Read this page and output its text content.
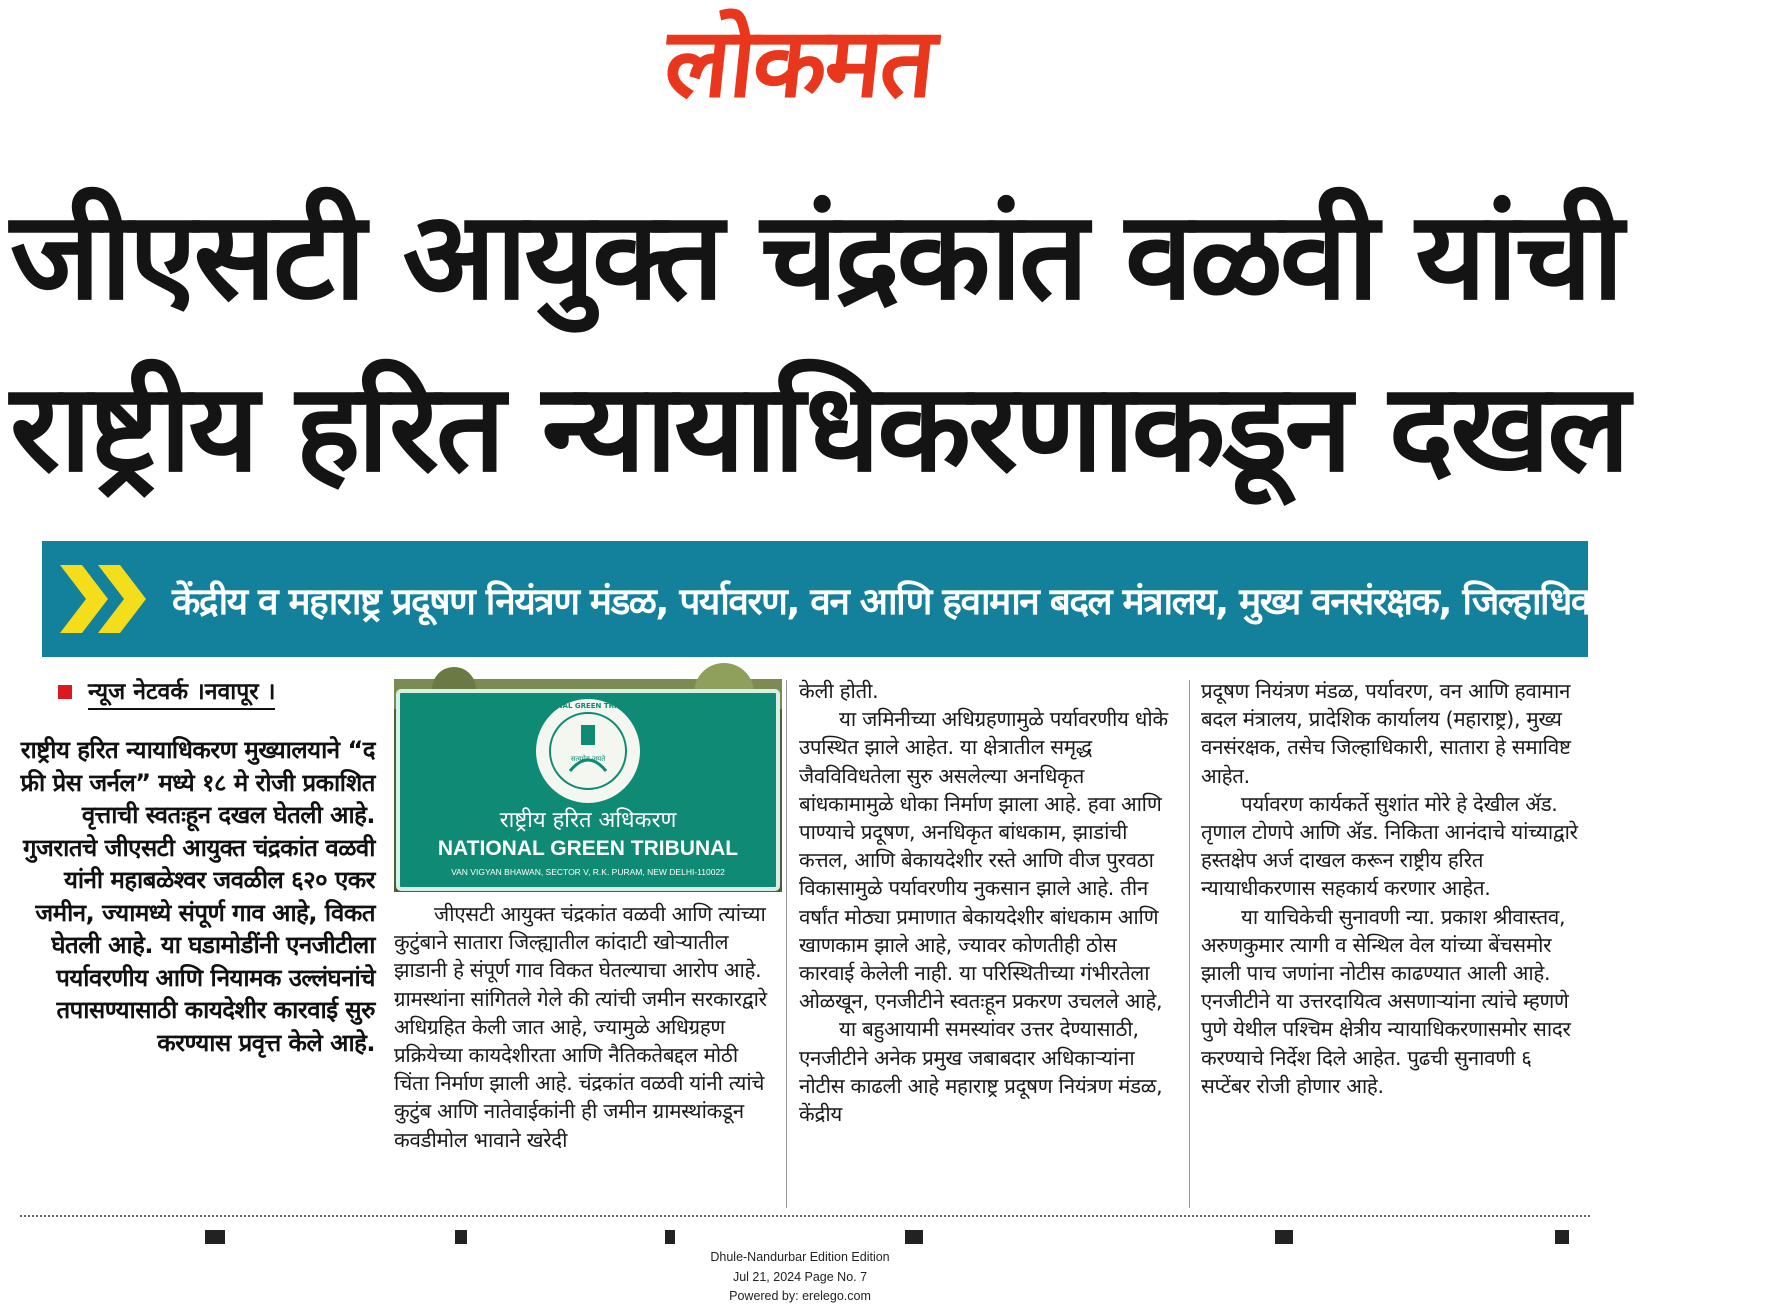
लोकमत
जीएसटी आयुक्त चंद्रकांत वळवी यांची
राष्ट्रीय हरित न्यायाधिकरणाकडून दखल
केंद्रीय व महाराष्ट्र प्रदूषण नियंत्रण मंडळ, पर्यावरण, वन आणि हवामान बदल मंत्रालय, मुख्य वनसंरक्षक, जिल्हाधिकाऱ्यांना नोटीसा
न्यूज नेटवर्क ।नवापूर ।
राष्ट्रीय हरित न्यायाधिकरण मुख्यालयाने “द फ्री प्रेस जर्नल” मध्ये १८ मे रोजी प्रकाशित वृत्ताची स्वतःहून दखल घेतली आहे. गुजरातचे जीएसटी आयुक्त चंद्रकांत वळवी यांनी महाबळेश्वर जवळील ६२० एकर जमीन, ज्यामध्ये संपूर्ण गाव आहे, विकत घेतली आहे. या घडामोडींनी एनजीटीला पर्यावरणीय आणि नियामक उल्लंघनांचे तपासण्यासाठी कायदेशीर कारवाई सुरु करण्यास प्रवृत्त केले आहे.
सत्यमेव जयते
NATIONAL GREEN TRIBUNAL
राष्ट्रीय हरित अधिकरण
NATIONAL GREEN TRIBUNAL
VAN VIGYAN BHAWAN, SECTOR V, R.K. PURAM, NEW DELHI-110022

जीएसटी आयुक्त चंद्रकांत वळवी आणि त्यांच्या कुटुंबाने सातारा जिल्ह्यातील कांदाटी खोऱ्यातील झाडानी हे संपूर्ण गाव विकत घेतल्याचा आरोप आहे. ग्रामस्थांना सांगितले गेले की त्यांची जमीन सरकारद्वारे अधिग्रहित केली जात आहे, ज्यामुळे अधिग्रहण प्रक्रियेच्या कायदेशीरता आणि नैतिकतेबद्दल मोठी चिंता निर्माण झाली आहे. चंद्रकांत वळवी यांनी त्यांचे कुटुंब आणि नातेवाईकांनी ही जमीन ग्रामस्थांकडून कवडीमोल भावाने खरेदी

केली होती.

या जमिनीच्या अधिग्रहणामुळे पर्यावरणीय धोके उपस्थित झाले आहेत. या क्षेत्रातील समृद्ध जैवविविधतेला सुरु असलेल्या अनधिकृत बांधकामामुळे धोका निर्माण झाला आहे. हवा आणि पाण्याचे प्रदूषण, अनधिकृत बांधकाम, झाडांची कत्तल, आणि बेकायदेशीर रस्ते आणि वीज पुरवठा विकासामुळे पर्यावरणीय नुकसान झाले आहे. तीन वर्षांत मोठ्या प्रमाणात बेकायदेशीर बांधकाम आणि खाणकाम झाले आहे, ज्यावर कोणतीही ठोस कारवाई केलेली नाही. या परिस्थितीच्या गंभीरतेला ओळखून, एनजीटीने स्वतःहून प्रकरण उचलले आहे,

या बहुआयामी समस्यांवर उत्तर देण्यासाठी, एनजीटीने अनेक प्रमुख जबाबदार अधिकाऱ्यांना नोटीस काढली आहे महाराष्ट्र प्रदूषण नियंत्रण मंडळ, केंद्रीय

प्रदूषण नियंत्रण मंडळ, पर्यावरण, वन आणि हवामान बदल मंत्रालय, प्रादेशिक कार्यालय (महाराष्ट्र), मुख्य वनसंरक्षक, तसेच जिल्हाधिकारी, सातारा हे समाविष्ट आहेत.

पर्यावरण कार्यकर्ते सुशांत मोरे हे देखील ॲड. तृणाल टोणपे आणि ॲड. निकिता आनंदाचे यांच्याद्वारे हस्तक्षेप अर्ज दाखल करून राष्ट्रीय हरित न्यायाधीकरणास सहकार्य करणार आहेत.

या याचिकेची सुनावणी न्या. प्रकाश श्रीवास्तव, अरुणकुमार त्यागी व सेन्थिल वेल यांच्या बेंचसमोर झाली पाच जणांना नोटीस काढण्यात आली आहे. एनजीटीने या उत्तरदायित्व असणाऱ्यांना त्यांचे म्हणणे पुणे येथील पश्चिम क्षेत्रीय न्यायाधिकरणासमोर सादर करण्याचे निर्देश दिले आहेत. पुढची सुनावणी ६ सप्टेंबर रोजी होणार आहे.

Dhule-Nandurbar Edition Edition
Jul 21, 2024 Page No. 7
Powered by: erelego.com
